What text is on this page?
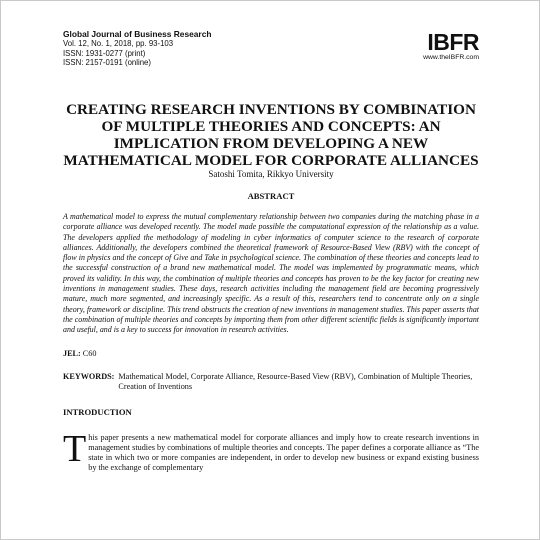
Global Journal of Business Research
Vol. 12, No. 1, 2018, pp. 93-103
ISSN: 1931-0277 (print)
ISSN: 2157-0191 (online)
IBFR
www.theIBFR.com
CREATING RESEARCH INVENTIONS BY COMBINATION OF MULTIPLE THEORIES AND CONCEPTS: AN IMPLICATION FROM DEVELOPING A NEW MATHEMATICAL MODEL FOR CORPORATE ALLIANCES
Satoshi Tomita, Rikkyo University
ABSTRACT
A mathematical model to express the mutual complementary relationship between two companies during the matching phase in a corporate alliance was developed recently. The model made possible the computational expression of the relationship as a value. The developers applied the methodology of modeling in cyber informatics of computer science to the research of corporate alliances. Additionally, the developers combined the theoretical framework of Resource-Based View (RBV) with the concept of flow in physics and the concept of Give and Take in psychological science. The combination of these theories and concepts lead to the successful construction of a brand new mathematical model. The model was implemented by programmatic means, which proved its validity. In this way, the combination of multiple theories and concepts has proven to be the key factor for creating new inventions in management studies. These days, research activities including the management field are becoming progressively mature, much more segmented, and increasingly specific. As a result of this, researchers tend to concentrate only on a single theory, framework or discipline. This trend obstructs the creation of new inventions in management studies. This paper asserts that the combination of multiple theories and concepts by importing them from other different scientific fields is significantly important and useful, and is a key to success for innovation in research activities.
JEL: C60
KEYWORDS: Mathematical Model, Corporate Alliance, Resource-Based View (RBV), Combination of Multiple Theories, Creation of Inventions
INTRODUCTION
T his paper presents a new mathematical model for corporate alliances and imply how to create research inventions in management studies by combinations of multiple theories and concepts. The paper defines a corporate alliance as “The state in which two or more companies are independent, in order to develop new business or expand existing business by the exchange of complementary
